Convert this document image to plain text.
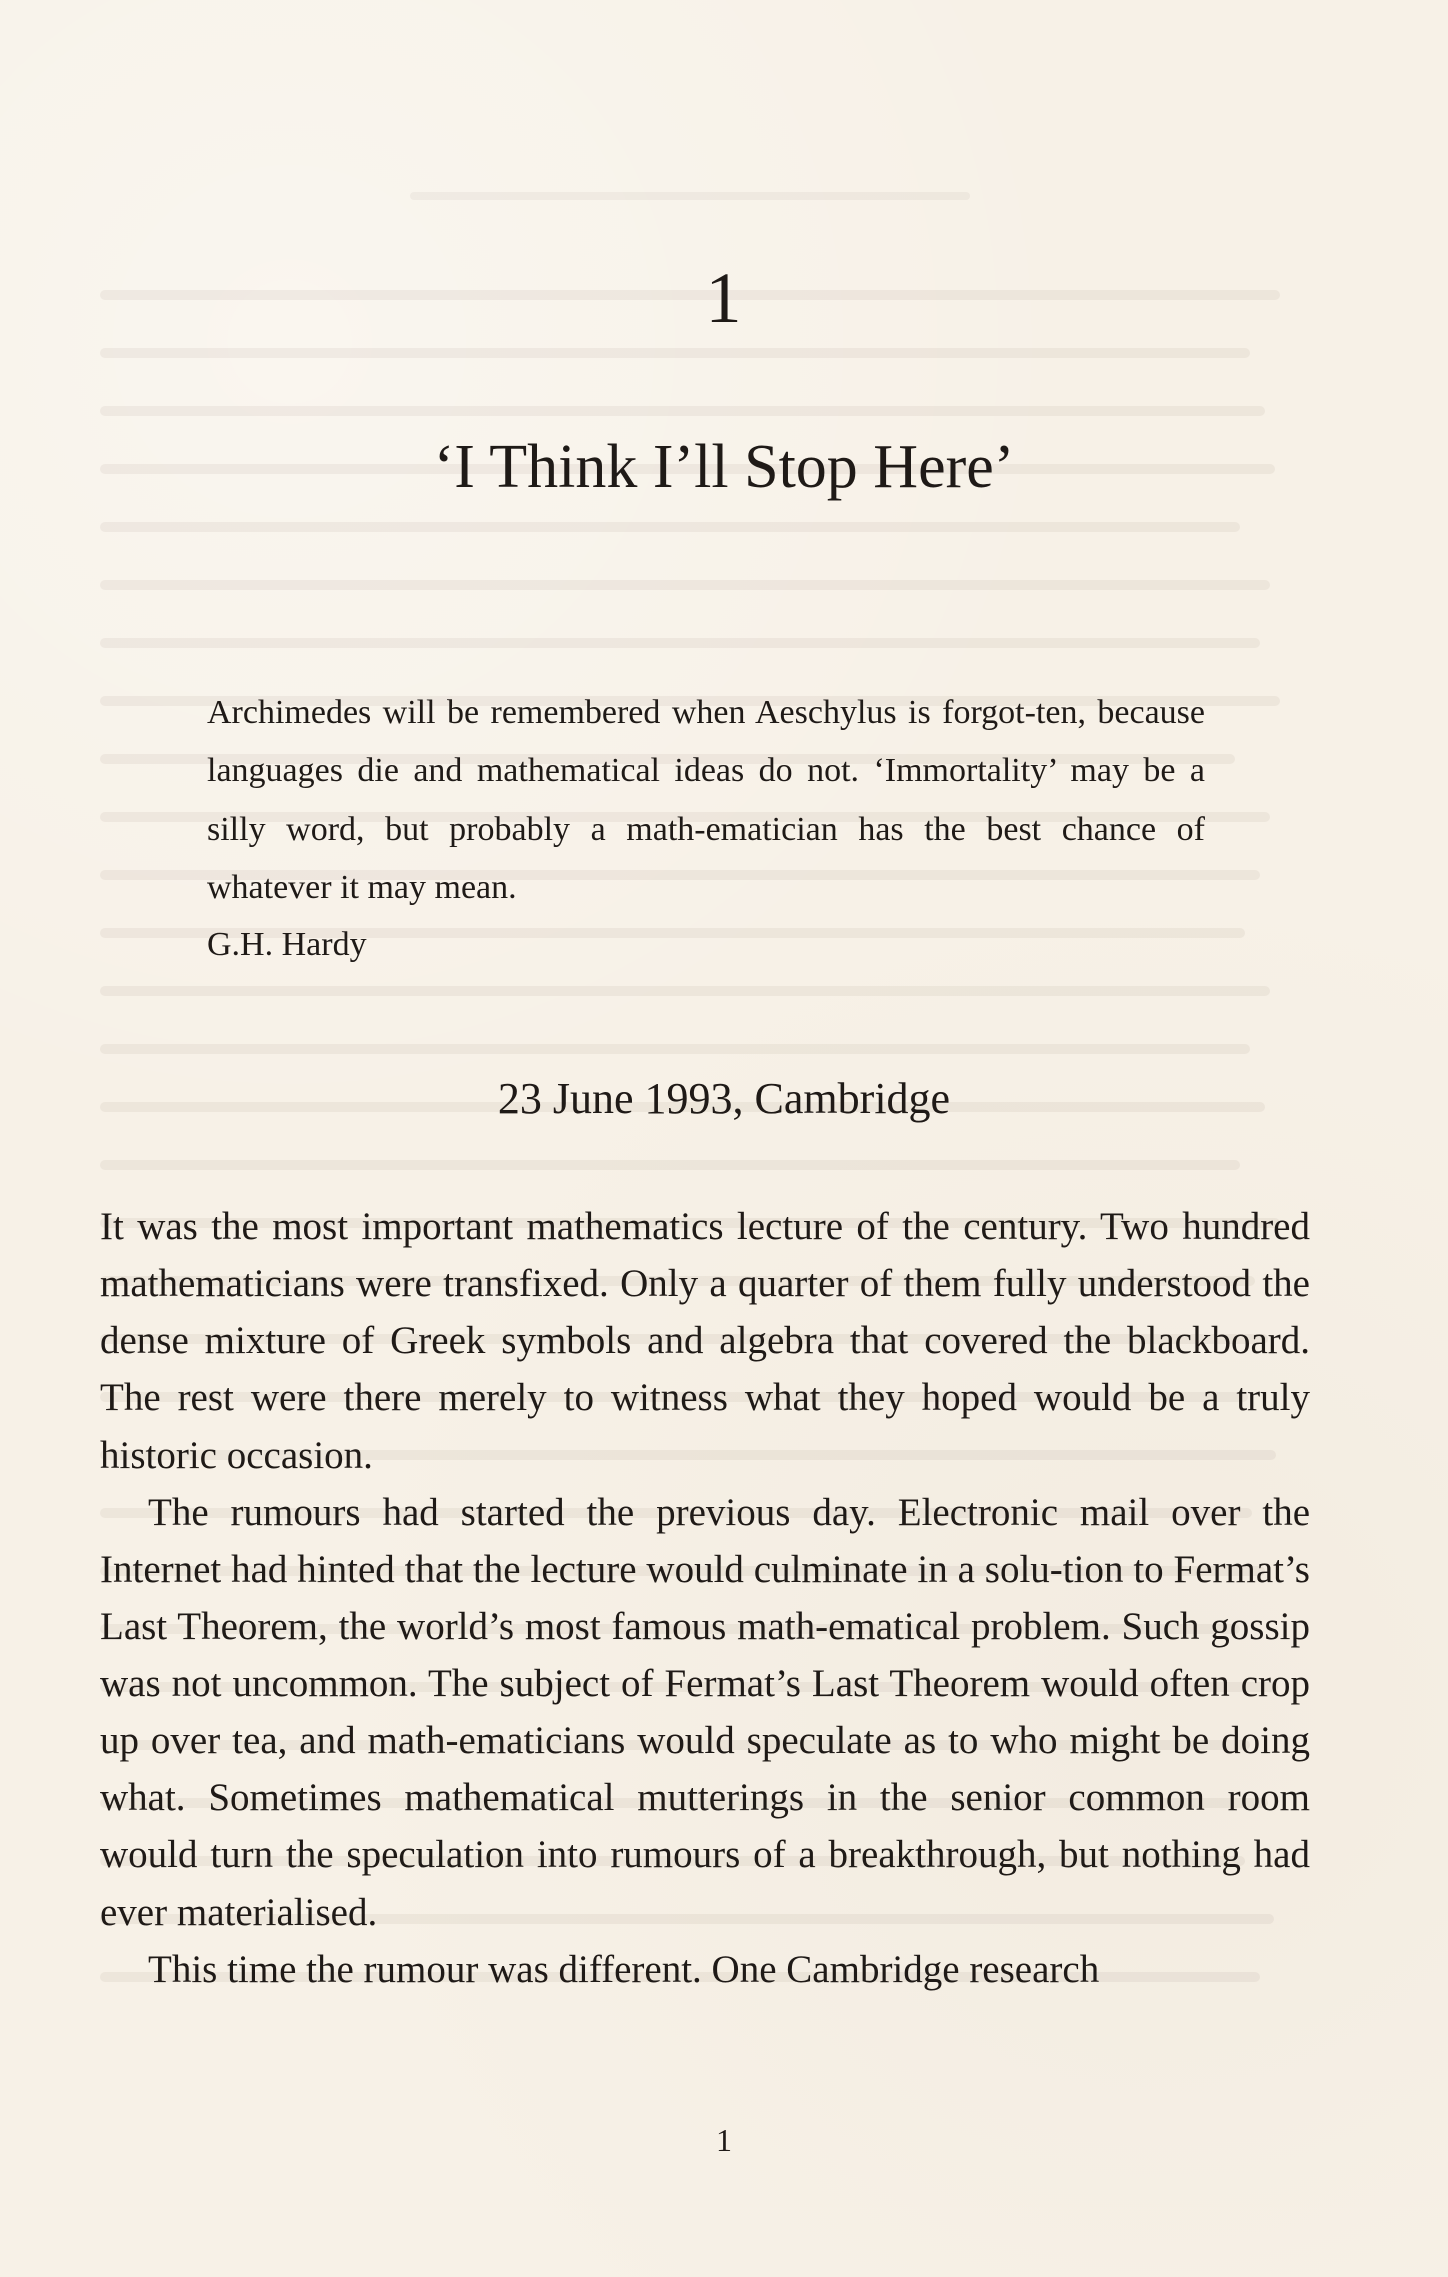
1
‘I Think I’ll Stop Here’

Archimedes will be remembered when Aeschylus is forgot-ten, because languages die and mathematical ideas do not. ‘Immortality’ may be a silly word, but probably a math-ematician has the best chance of whatever it may mean.

G.H. Hardy

23 June 1993, Cambridge

It was the most important mathematics lecture of the century. Two hundred mathematicians were transfixed. Only a quarter of them fully understood the dense mixture of Greek symbols and algebra that covered the blackboard. The rest were there merely to witness what they hoped would be a truly historic occasion.

The rumours had started the previous day. Electronic mail over the Internet had hinted that the lecture would culminate in a solu-tion to Fermat’s Last Theorem, the world’s most famous math-ematical problem. Such gossip was not uncommon. The subject of Fermat’s Last Theorem would often crop up over tea, and math-ematicians would speculate as to who might be doing what. Sometimes mathematical mutterings in the senior common room would turn the speculation into rumours of a breakthrough, but nothing had ever materialised.

This time the rumour was different. One Cambridge research

1
